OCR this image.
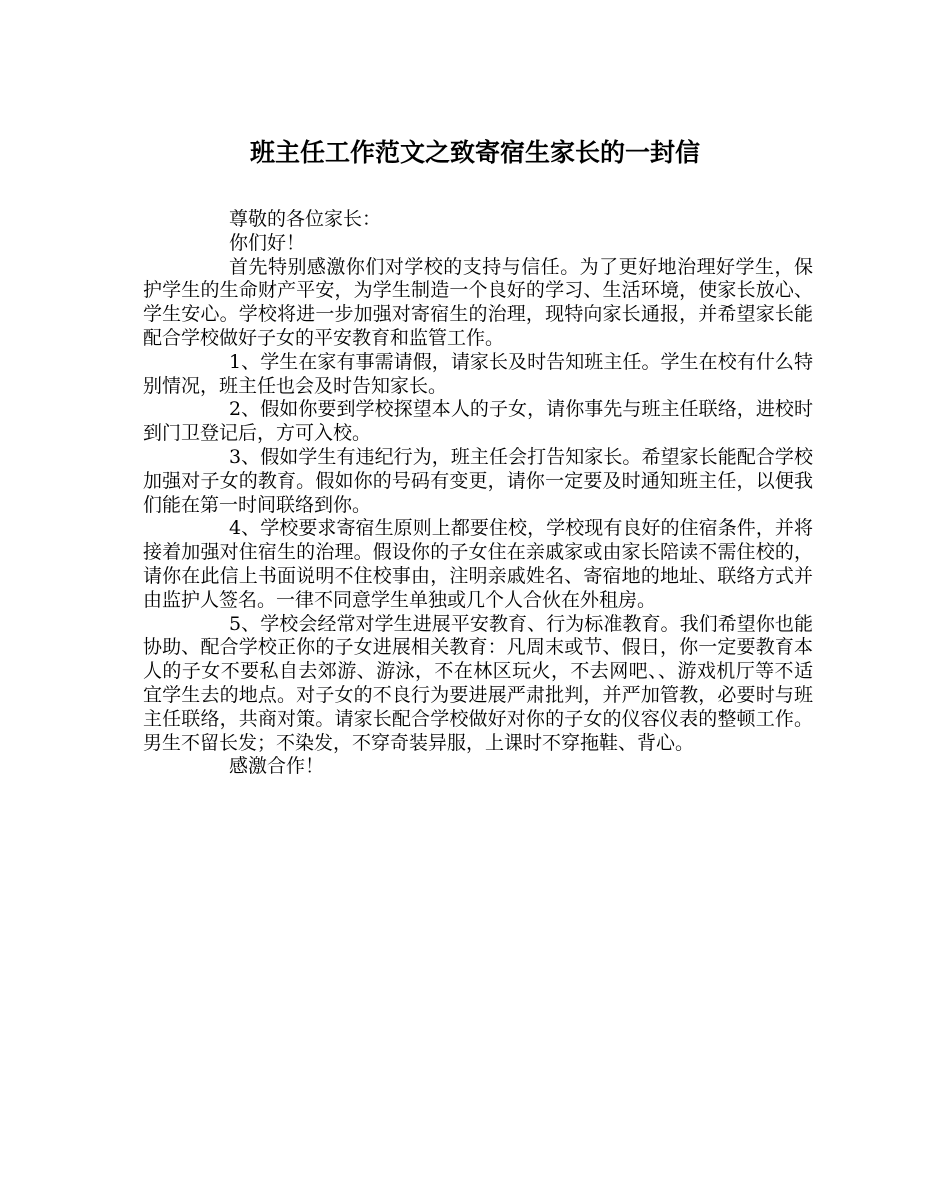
班主任工作范文之致寄宿生家长的一封信

尊敬的各位家长：

你们好！

首先特别感激你们对学校的支持与信任。为了更好地治理好学生，保护学生的生命财产平安，为学生制造一个良好的学习、生活环境，使家长放心、学生安心。学校将进一步加强对寄宿生的治理，现特向家长通报，并希望家长能配合学校做好子女的平安教育和监管工作。

1、学生在家有事需请假，请家长及时告知班主任。学生在校有什么特别情况，班主任也会及时告知家长。

2、假如你要到学校探望本人的子女，请你事先与班主任联络，进校时到门卫登记后，方可入校。

3、假如学生有违纪行为，班主任会打告知家长。希望家长能配合学校加强对子女的教育。假如你的号码有变更，请你一定要及时通知班主任，以便我们能在第一时间联络到你。

4、学校要求寄宿生原则上都要住校，学校现有良好的住宿条件，并将接着加强对住宿生的治理。假设你的子女住在亲戚家或由家长陪读不需住校的，请你在此信上书面说明不住校事由，注明亲戚姓名、寄宿地的地址、联络方式并由监护人签名。一律不同意学生单独或几个人合伙在外租房。

5、学校会经常对学生进展平安教育、行为标准教育。我们希望你也能协助、配合学校正你的子女进展相关教育：凡周末或节、假日，你一定要教育本人的子女不要私自去郊游、游泳，不在林区玩火，不去网吧、、游戏机厅等不适宜学生去的地点。对子女的不良行为要进展严肃批判，并严加管教，必要时与班主任联络，共商对策。请家长配合学校做好对你的子女的仪容仪表的整顿工作。男生不留长发；不染发，不穿奇装异服，上课时不穿拖鞋、背心。

感激合作！
